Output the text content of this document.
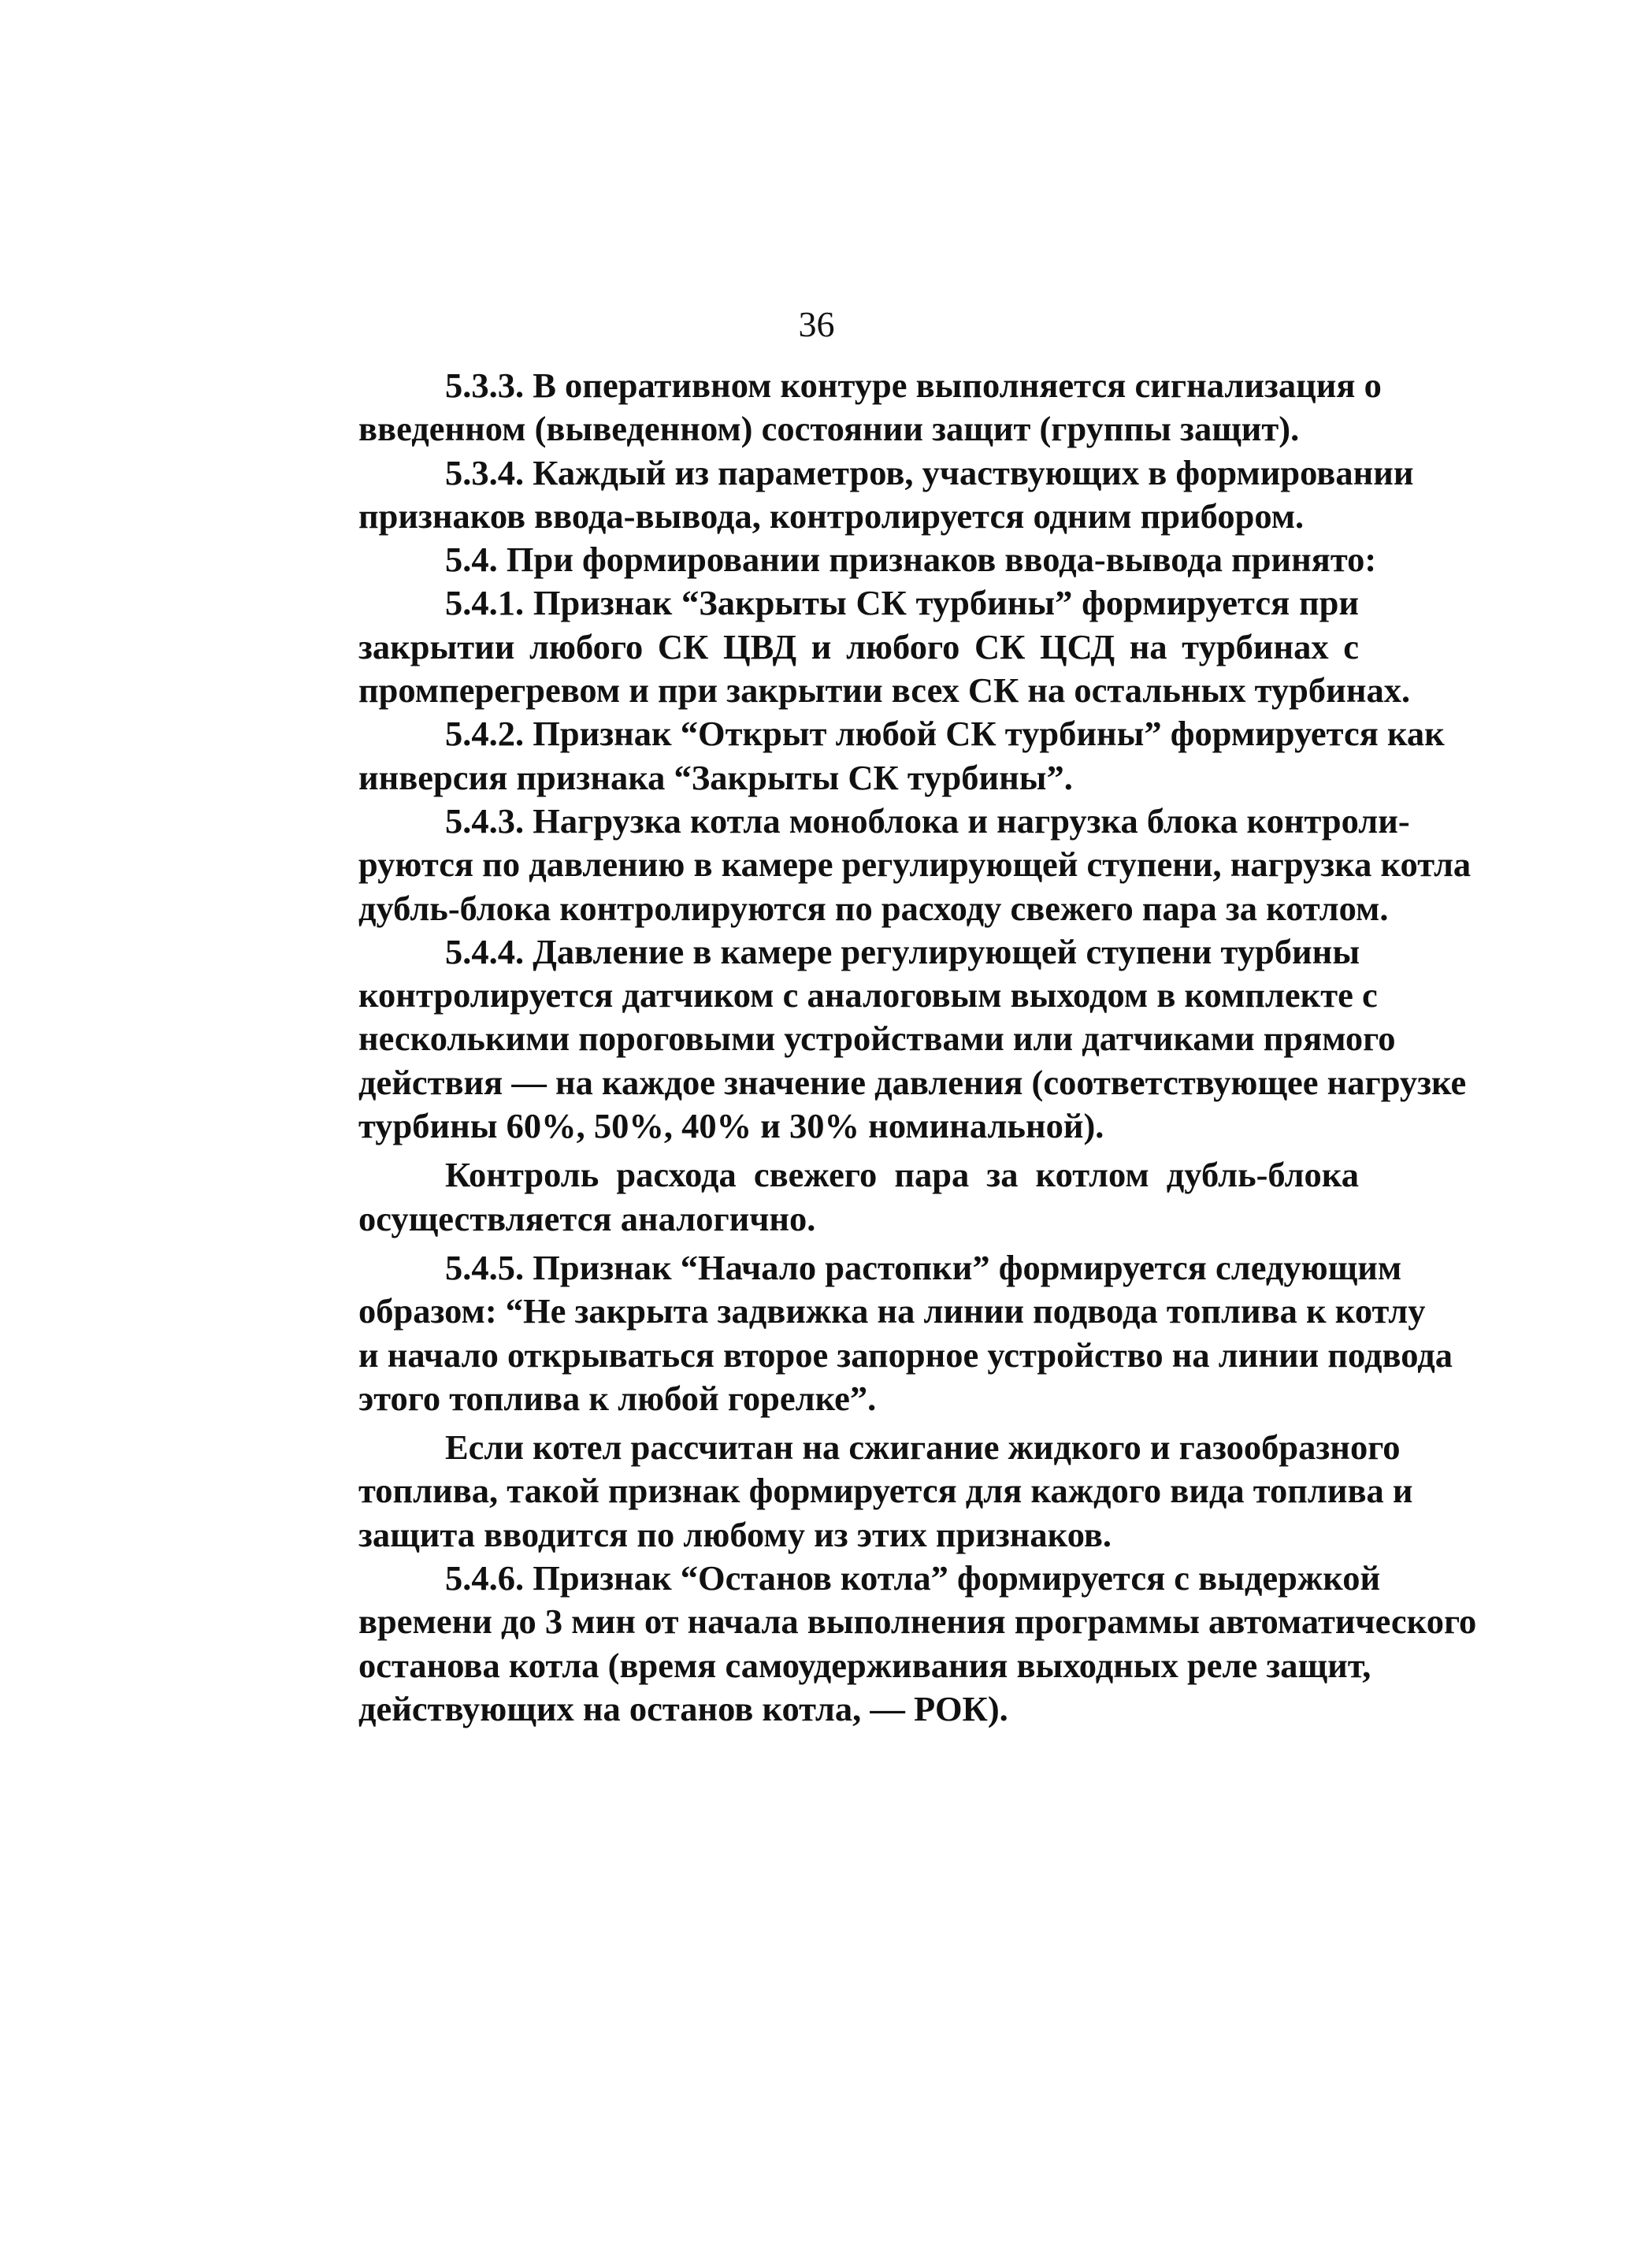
36

5.3.3. В оперативном контуре выполняется сигнализация о
введенном (выведенном) состоянии защит (группы защит).

5.3.4. Каждый из параметров, участвующих в формировании
признаков ввода-вывода, контролируется одним прибором.

5.4. При формировании признаков ввода-вывода принято:

5.4.1. Признак “Закрыты СК турбины” формируется при
закрытии любого СК ЦВД и любого СК ЦСД на турбинах с
промперегревом и при закрытии всех СК на остальных турбинах.

5.4.2. Признак “Открыт любой СК турбины” формируется как
инверсия признака “Закрыты СК турбины”.

5.4.3. Нагрузка котла моноблока и нагрузка блока контроли-
руются по давлению в камере регулирующей ступени, нагрузка котла
дубль-блока контролируются по расходу свежего пара за котлом.

5.4.4. Давление в камере регулирующей ступени турбины
контролируется датчиком с аналоговым выходом в комплекте с
несколькими пороговыми устройствами или датчиками прямого
действия — на каждое значение давления (соответствующее нагрузке
турбины 60%, 50%, 40% и 30% номинальной).

Контроль расхода свежего пара за котлом дубль-блока
осуществляется аналогично.

5.4.5. Признак “Начало растопки” формируется следующим
образом: “Не закрыта задвижка на линии подвода топлива к котлу
и начало открываться второе запорное устройство на линии подвода
этого топлива к любой горелке”.

Если котел рассчитан на сжигание жидкого и газообразного
топлива, такой признак формируется для каждого вида топлива и
защита вводится по любому из этих признаков.

5.4.6. Признак “Останов котла” формируется с выдержкой
времени до 3 мин от начала выполнения программы автоматического
останова котла (время самоудерживания выходных реле защит,
действующих на останов котла, — РОК).
